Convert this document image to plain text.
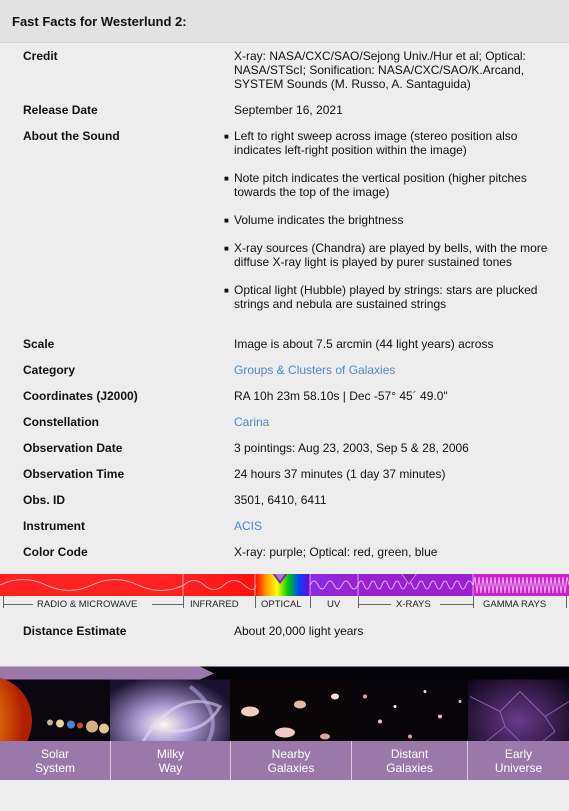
Fast Facts for Westerlund 2:
Credit	X-ray: NASA/CXC/SAO/Sejong Univ./Hur et al; Optical: NASA/STScI; Sonification: NASA/CXC/SAO/K.Arcand, SYSTEM Sounds (M. Russo, A. Santaguida)
Release Date	September 16, 2021
About the Sound	■ Left to right sweep across image (stereo position also indicates left-right position within the image)
■ Note pitch indicates the vertical position (higher pitches towards the top of the image)
■ Volume indicates the brightness
■ X-ray sources (Chandra) are played by bells, with the more diffuse X-ray light is played by purer sustained tones
■ Optical light (Hubble) played by strings: stars are plucked strings and nebula are sustained strings
Scale	Image is about 7.5 arcmin (44 light years) across
Category	Groups & Clusters of Galaxies
Coordinates (J2000)	RA 10h 23m 58.10s | Dec -57° 45´ 49.0"
Constellation	Carina
Observation Date	3 pointings: Aug 23, 2003, Sep 5 & 28, 2006
Observation Time	24 hours 37 minutes (1 day 37 minutes)
Obs. ID	3501, 6410, 6411
Instrument	ACIS
Color Code	X-ray: purple; Optical: red, green, blue
RADIO & MICROWAVE	INFRARED OPTICAL	UV	X-RAYS	GAMMA RAYS
Distance Estimate	About 20,000 light years
Solar System
Milky Way
Nearby Galaxies
Distant Galaxies
Early Universe
